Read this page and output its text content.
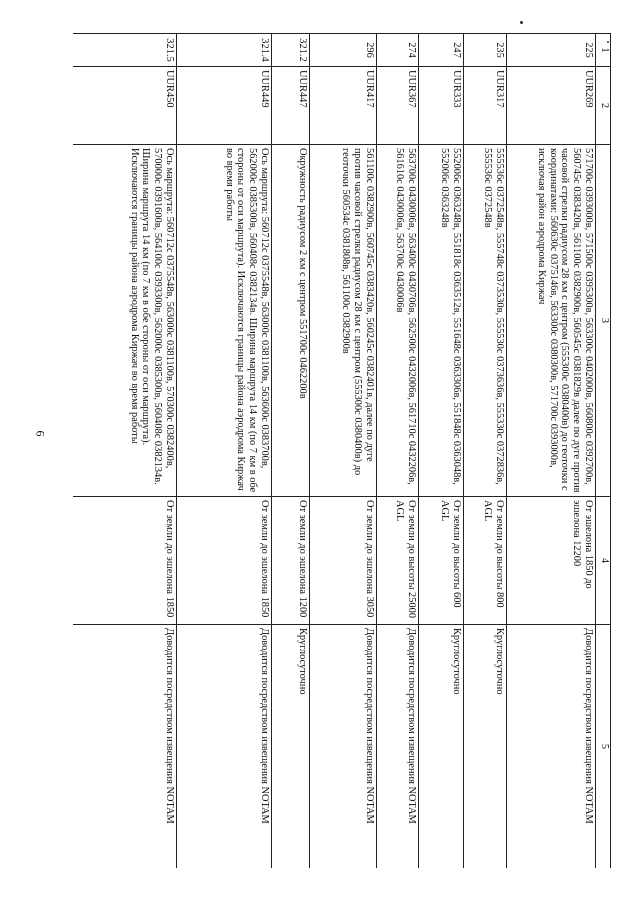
6
1	2	3	4	5
225	UUR269	571700с 0393000в, 571500с 0395300в, 563300с 0402000в, 560800с 0392700в, 560745с 0383420в, 561100с 0382900в, 560545с 0381829в далее по дуге против часовой стрелки радиусом 28 км с центром (555300с 0380400в) до геоточки с координатами: 560630с 0375146в, 563300с 0380300в, 571700с 0393000в, исключая район аэродрома Киржач	От эшелона 1850 до эшелона 12200	Доводится посредством извещения NOTAM
235	UUR317	555536с 0372548в, 555748с 0373530в, 555530с 0373636в, 555330с 0372836в, 555536с 0372548в	От земли до высоты 800 AGL	Круглосуточно
247	UUR333	552006с 0363248в, 551818с 0363512в, 551648с 0363306в, 551848с 0363048в, 552006с 0363248в	От земли до высоты 600 AGL	Круглосуточно
274	UUR367	563700с 0430006в, 563400с 0430706в, 562500с 0432006в, 561710с 0432206в, 561610с 0430006в, 563700с 0430006в	От земли до высоты 25000 AGL	Доводится посредством извещения NOTAM
296	UUR417	561100с 0382900в, 560745с 0383420в, 560245с 0382401в, далее по дуге против часовой стрелки радиусом 28 км с центром (555300с 0380400в) до геоточки 560534с 0381808в, 561100с 0382900в	От земли до эшелона 3050	Доводится посредством извещения NOTAM
321.2	UUR447	Окружность радиусом 2 км с центром 551700с 0462200в	От земли до эшелона 1200	Круглосуточно
321.4	UUR449	Ось маршрута: 560712с 0375548в, 563000с 0381100в, 563600с 0383700в, 562000с 0385300в, 560408с 0382134в. Ширина маршрута 14 км (по 7 км в обе стороны от оси маршрута). Исключаются границы района аэродрома Киржач во время работы	От земли до эшелона 1850	Доводится посредством извещения NOTAM
321.5	UUR450	Ось маршрута: 560712с 0375548в, 563000с 0381100в, 570300с 0382400в, 570000с 0391600в, 564100с 0393300в, 562000с 0385300в, 560408с 0382134в. Ширина маршрута 14 км (по 7 км в обе стороны от оси маршрута). Исключаются границы района аэродрома Киржач во время работы	От земли до эшелона 1850	Доводится посредством извещения NOTAM
